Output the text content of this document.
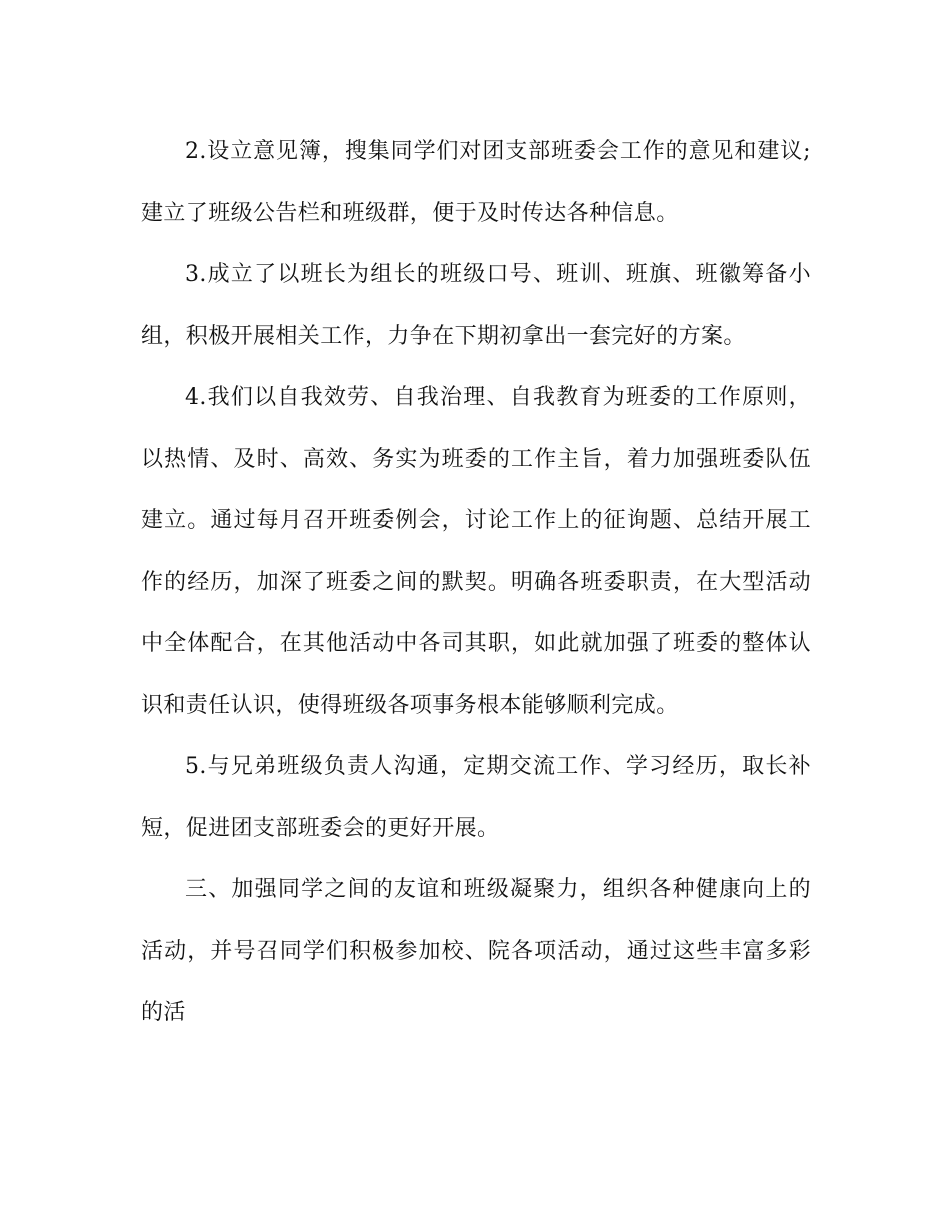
2.设立意见簿，搜集同学们对团支部班委会工作的意见和建议;建立了班级公告栏和班级群，便于及时传达各种信息。

3.成立了以班长为组长的班级口号、班训、班旗、班徽筹备小组，积极开展相关工作，力争在下期初拿出一套完好的方案。

4.我们以自我效劳、自我治理、自我教育为班委的工作原则，以热情、及时、高效、务实为班委的工作主旨，着力加强班委队伍建立。通过每月召开班委例会，讨论工作上的征询题、总结开展工作的经历，加深了班委之间的默契。明确各班委职责，在大型活动中全体配合，在其他活动中各司其职，如此就加强了班委的整体认识和责任认识，使得班级各项事务根本能够顺利完成。

5.与兄弟班级负责人沟通，定期交流工作、学习经历，取长补短，促进团支部班委会的更好开展。

三、加强同学之间的友谊和班级凝聚力，组织各种健康向上的活动，并号召同学们积极参加校、院各项活动，通过这些丰富多彩的活
